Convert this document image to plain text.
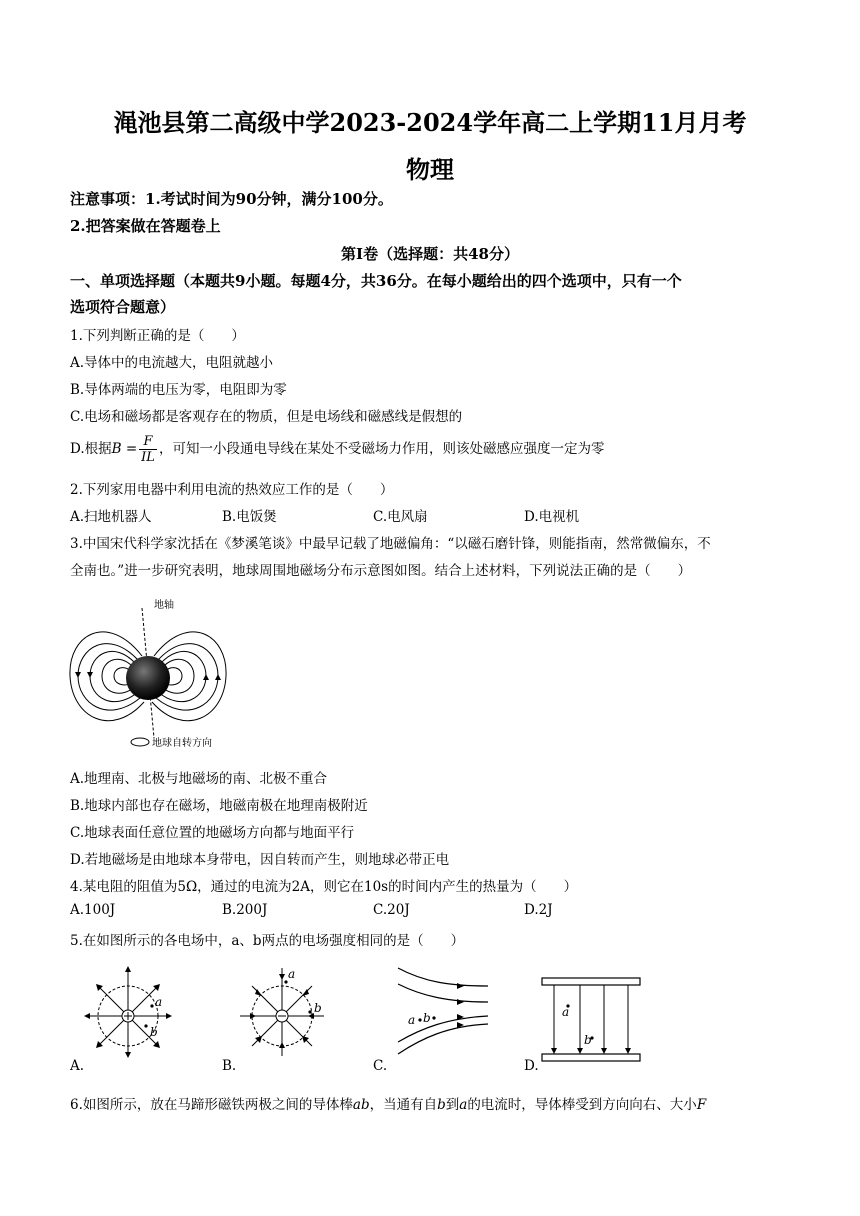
渑池县第二高级中学2023-2024学年高二上学期11月月考
物理
注意事项：1.考试时间为90分钟，满分100分。
2.把答案做在答题卷上
第Ⅰ卷（选择题：共48分）
一、单项选择题（本题共9小题。每题4分，共36分。在每小题给出的四个选项中，只有一个
选项符合题意）
1.下列判断正确的是（　　）
A.导体中的电流越大，电阻就越小
B.导体两端的电压为零，电阻即为零
C.电场和磁场都是客观存在的物质，但是电场线和磁感线是假想的
D.根据$B = \frac{F}{IL}$ ，可知一小段通电导线在某处不受磁场力作用，则该处磁感应强度一定为零
2.下列家用电器中利用电流的热效应工作的是（　　）
A.扫地机器人	B.电饭煲	C.电风扇	D.电视机
3.中国宋代科学家沈括在《梦溪笔谈》中最早记载了地磁偏角：“以磁石磨针锋，则能指南，然常微偏东，不
全南也。”进一步研究表明，地球周围地磁场分布示意图如图。结合上述材料，下列说法正确的是（　　）
地轴
地球自转方向
A.地理南、北极与地磁场的南、北极不重合
B.地球内部也存在磁场，地磁南极在地理南极附近
C.地球表面任意位置的地磁场方向都与地面平行
D.若地磁场是由地球本身带电，因自转而产生，则地球必带正电
4.某电阻的阻值为5Ω，通过的电流为2A，则它在10s的时间内产生的热量为（　　）
A.100J	B.200J	C.20J	D.2J
5.在如图所示的各电场中，a、b两点的电场强度相同的是（　　）
a
b
A.
a
b
B.
a b
C.
a
b
D.
6.如图所示，放在马蹄形磁铁两极之间的导体棒ab，当通有自b到a的电流时，导体棒受到方向向右、大小F
